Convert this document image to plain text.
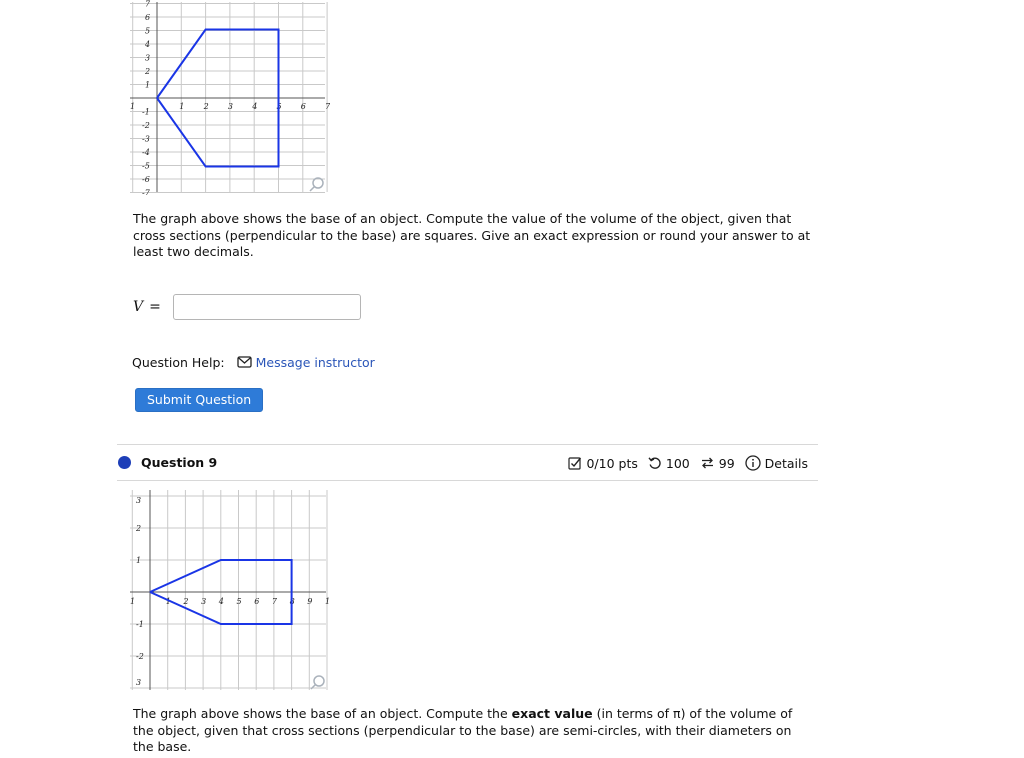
1 2 3 4 5 6 7
1
7
6
5
4
3
2
1
-1
-2
-3
-4
-5
-6
-7
The graph above shows the base of an object. Compute the value of the volume of the object, given that cross sections (perpendicular to the base) are squares. Give an exact expression or round your answer to at least two decimals.
V =
Question Help: Message instructor
Submit Question
Question 9	0/10 pts 100 99 Details
1 2 3 4 5 6 7 8 9 1
1
3
2
1
-1
-2
3
The graph above shows the base of an object. Compute the exact value (in terms of π) of the volume of the object, given that cross sections (perpendicular to the base) are semi-circles, with their diameters on the base.
